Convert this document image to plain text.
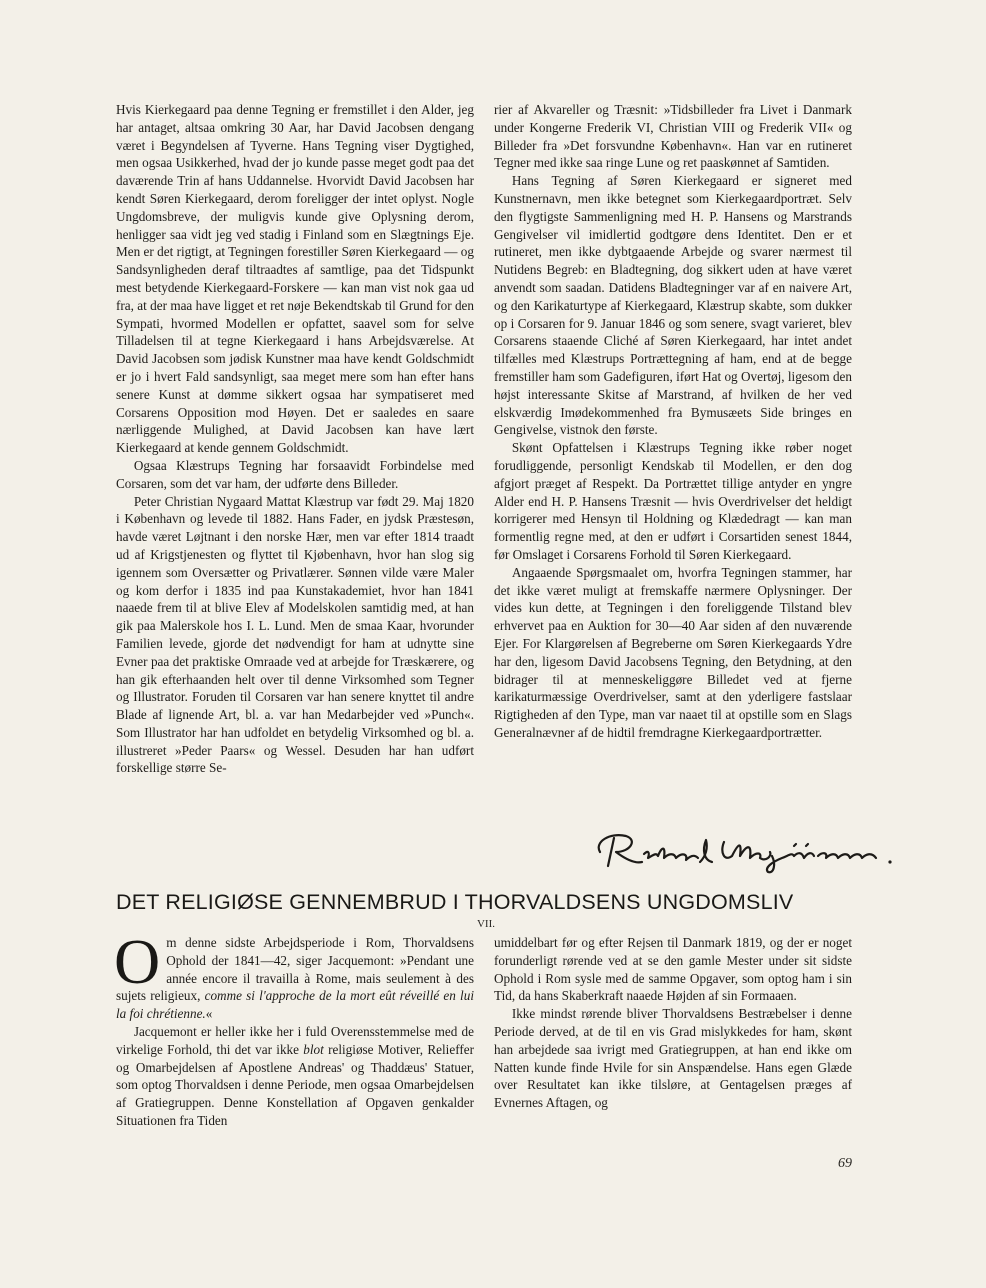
Hvis Kierkegaard paa denne Tegning er fremstillet i den Alder, jeg har antaget, altsaa omkring 30 Aar, har David Jacobsen dengang været i Begyndelsen af Tyverne. Hans Tegning viser Dygtighed, men ogsaa Usikkerhed, hvad der jo kunde passe meget godt paa det daværende Trin af hans Uddannelse. Hvorvidt David Jacobsen har kendt Søren Kierkegaard, derom foreligger der intet oplyst. Nogle Ungdomsbreve, der muligvis kunde give Oplysning derom, henligger saa vidt jeg ved stadig i Finland som en Slægtnings Eje. Men er det rigtigt, at Tegningen forestiller Søren Kierkegaard — og Sandsynligheden deraf tiltraadtes af samtlige, paa det Tidspunkt mest betydende Kierkegaard-Forskere — kan man vist nok gaa ud fra, at der maa have ligget et ret nøje Bekendtskab til Grund for den Sympati, hvormed Modellen er opfattet, saavel som for selve Tilladelsen til at tegne Kierkegaard i hans Arbejdsværelse. At David Jacobsen som jødisk Kunstner maa have kendt Goldschmidt er jo i hvert Fald sandsynligt, saa meget mere som han efter hans senere Kunst at dømme sikkert ogsaa har sympatiseret med Corsarens Opposition mod Høyen. Det er saaledes en saare nærliggende Mulighed, at David Jacobsen kan have lært Kierkegaard at kende gennem Goldschmidt.

Ogsaa Klæstrups Tegning har forsaavidt Forbindelse med Corsaren, som det var ham, der udførte dens Billeder.

Peter Christian Nygaard Mattat Klæstrup var født 29. Maj 1820 i København og levede til 1882. Hans Fader, en jydsk Præstesøn, havde været Løjtnant i den norske Hær, men var efter 1814 traadt ud af Krigstjenesten og flyttet til Kjøbenhavn, hvor han slog sig igennem som Oversætter og Privatlærer. Sønnen vilde være Maler og kom derfor i 1835 ind paa Kunstakademiet, hvor han 1841 naaede frem til at blive Elev af Modelskolen samtidig med, at han gik paa Malerskole hos I. L. Lund. Men de smaa Kaar, hvorunder Familien levede, gjorde det nødvendigt for ham at udnytte sine Evner paa det praktiske Omraade ved at arbejde for Træskærere, og han gik efterhaanden helt over til denne Virksomhed som Tegner og Illustrator. Foruden til Corsaren var han senere knyttet til andre Blade af lignende Art, bl. a. var han Medarbejder ved »Punch«. Som Illustrator har han udfoldet en betydelig Virksomhed og bl. a. illustreret »Peder Paars« og Wessel. Desuden har han udført forskellige større Se-

rier af Akvareller og Træsnit: »Tidsbilleder fra Livet i Danmark under Kongerne Frederik VI, Christian VIII og Frederik VII« og Billeder fra »Det forsvundne København«. Han var en rutineret Tegner med ikke saa ringe Lune og ret paaskønnet af Samtiden.

Hans Tegning af Søren Kierkegaard er signeret med Kunstnernavn, men ikke betegnet som Kierkegaardportræt. Selv den flygtigste Sammenligning med H. P. Hansens og Marstrands Gengivelser vil imidlertid godtgøre dens Identitet. Den er et rutineret, men ikke dybtgaaende Arbejde og svarer nærmest til Nutidens Begreb: en Bladtegning, dog sikkert uden at have været anvendt som saadan. Datidens Bladtegninger var af en naivere Art, og den Karikaturtype af Kierkegaard, Klæstrup skabte, som dukker op i Corsaren for 9. Januar 1846 og som senere, svagt varieret, blev Corsarens staaende Cliché af Søren Kierkegaard, har intet andet tilfælles med Klæstrups Portrættegning af ham, end at de begge fremstiller ham som Gadefiguren, iført Hat og Overtøj, ligesom den højst interessante Skitse af Marstrand, af hvilken de her ved elskværdig Imødekommenhed fra Bymusæets Side bringes en Gengivelse, vistnok den første.

Skønt Opfattelsen i Klæstrups Tegning ikke røber noget forudliggende, personligt Kendskab til Modellen, er den dog afgjort præget af Respekt. Da Portrættet tillige antyder en yngre Alder end H. P. Hansens Træsnit — hvis Overdrivelser det heldigt korrigerer med Hensyn til Holdning og Klædedragt — kan man formentlig regne med, at den er udført i Corsartiden senest 1844, før Omslaget i Corsarens Forhold til Søren Kierkegaard.

Angaaende Spørgsmaalet om, hvorfra Tegningen stammer, har det ikke været muligt at fremskaffe nærmere Oplysninger. Der vides kun dette, at Tegningen i den foreliggende Tilstand blev erhvervet paa en Auktion for 30—40 Aar siden af den nuværende Ejer. For Klargørelsen af Begreberne om Søren Kierkegaards Ydre har den, ligesom David Jacobsens Tegning, den Betydning, at den bidrager til at menneskeliggøre Billedet ved at fjerne karikaturmæssige Overdrivelser, samt at den yderligere fastslaar Rigtigheden af den Type, man var naaet til at opstille som en Slags Generalnævner af de hidtil fremdragne Kierkegaardportrætter.

Rikard Magnussen.
DET RELIGIØSE GENNEMBRUD I THORVALDSENS UNGDOMSLIV
VII.

Om denne sidste Arbejdsperiode i Rom, Thorvaldsens Ophold der 1841—42, siger Jacquemont: »Pendant une année encore il travailla à Rome, mais seulement à des sujets religieux, comme si l'approche de la mort eût réveillé en lui la foi chrétienne.«

Jacquemont er heller ikke her i fuld Overensstemmelse med de virkelige Forhold, thi det var ikke blot religiøse Motiver, Relieffer og Omarbejdelsen af Apostlene Andreas' og Thaddæus' Statuer, som optog Thorvaldsen i denne Periode, men ogsaa Omarbejdelsen af Gratiegruppen. Denne Konstellation af Opgaven genkalder Situationen fra Tiden

umiddelbart før og efter Rejsen til Danmark 1819, og der er noget forunderligt rørende ved at se den gamle Mester under sit sidste Ophold i Rom sysle med de samme Opgaver, som optog ham i sin Tid, da hans Skaberkraft naaede Højden af sin Formaaen.

Ikke mindst rørende bliver Thorvaldsens Bestræbelser i denne Periode derved, at de til en vis Grad mislykkedes for ham, skønt han arbejdede saa ivrigt med Gratiegruppen, at han end ikke om Natten kunde finde Hvile for sin Anspændelse. Hans egen Glæde over Resultatet kan ikke tilsløre, at Gentagelsen præges af Evnernes Aftagen, og

69
